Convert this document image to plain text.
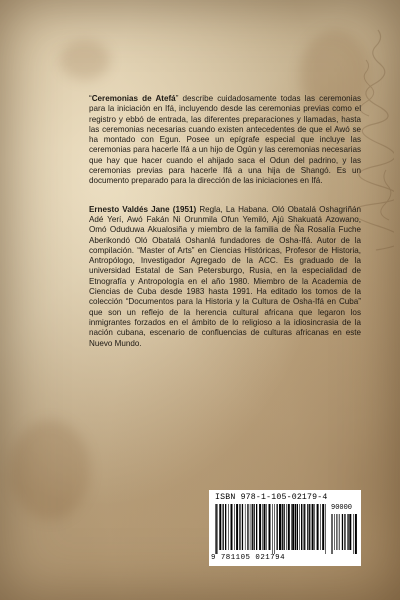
“Ceremonias de Atefá” describe cuidadosamente todas las ceremonias para la iniciación en Ifá, incluyendo desde las ceremonias previas como el registro y ebbó de entrada, las diferentes preparaciones y llamadas, hasta las ceremonias necesarias cuando existen antecedentes de que el Awó se ha montado con Egun. Posee un epígrafe especial que incluye las ceremonias para hacerle Ifá a un hijo de Ogún y las ceremonias necesarias que hay que hacer cuando el ahijado saca el Odun del padrino, y las ceremonias previas para hacerle Ifá a una hija de Shangó. Es un documento preparado para la dirección de las iniciaciones en Ifá.

Ernesto Valdés Jane (1951) Regla, La Habana. Oló Obatalá Oshagriñán Adé Yerí, Awó Fakán Ni Orunmila Ofun Yemiló, Ajú Shakuatá Azowano, Omó Oduduwa Akualosiña y miembro de la familia de Ña Rosalía Fuche Aberikondó Oló Obatalá Oshanlá fundadores de Osha-Ifá. Autor de la compilación. “Master of Arts” en Ciencias Históricas, Profesor de Historia, Antropólogo, Investigador Agregado de la ACC. Es graduado de la universidad Estatal de San Petersburgo, Rusia, en la especialidad de Etnografía y Antropología en el año 1980. Miembro de la Academia de Ciencias de Cuba desde 1983 hasta 1991. Ha editado los tomos de la colección “Documentos para la Historia y la Cultura de Osha-Ifá en Cuba” que son un reflejo de la herencia cultural africana que legaron los inmigrantes forzados en el ámbito de lo religioso a la idiosincrasia de la nación cubana, escenario de confluencias de culturas africanas en este Nuevo Mundo.

ISBN 978-1-105-02179-4
90000
9 781105 021794
